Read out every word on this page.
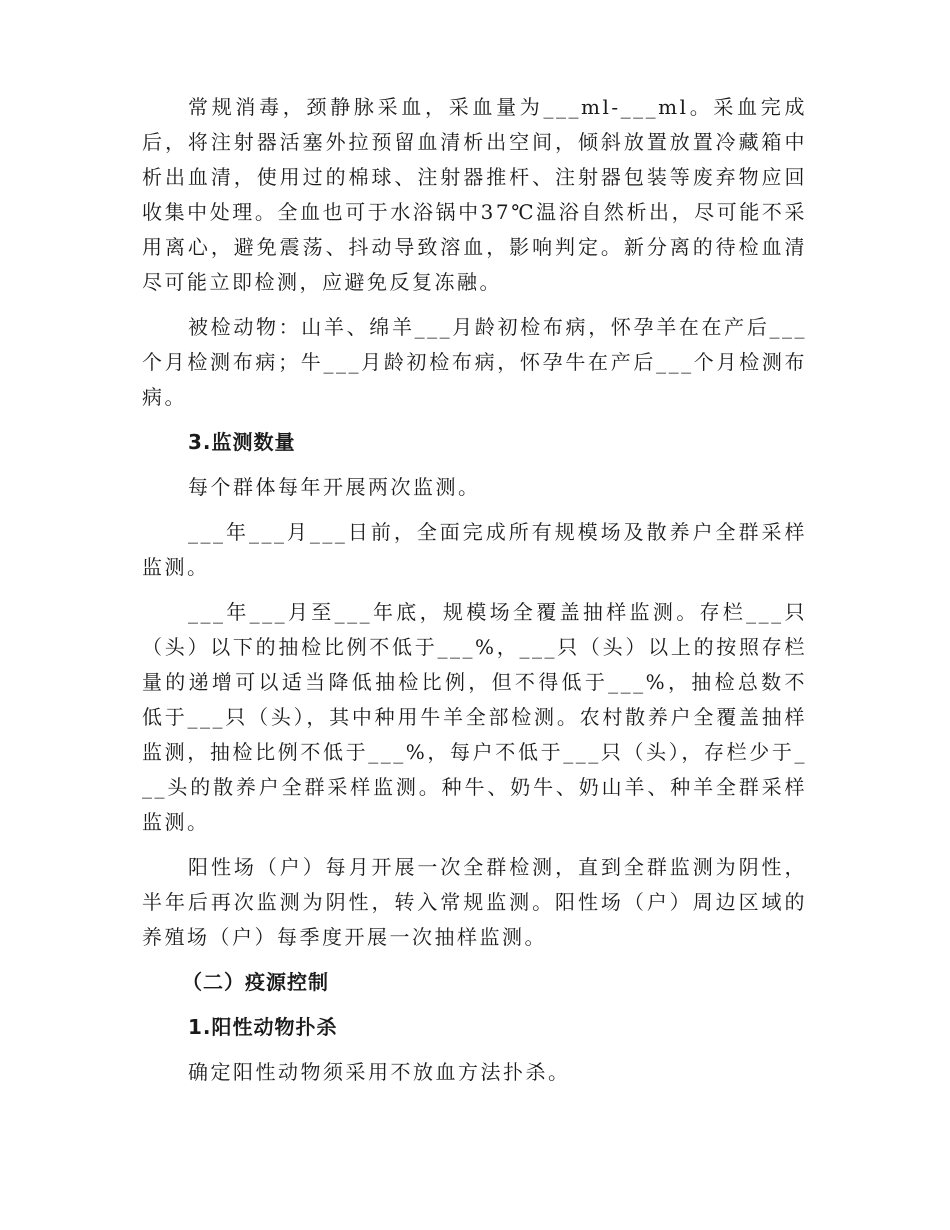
常规消毒，颈静脉采血，采血量为___ml-___ml。采血完成后，将注射器活塞外拉预留血清析出空间，倾斜放置放置冷藏箱中析出血清，使用过的棉球、注射器推杆、注射器包装等废弃物应回收集中处理。全血也可于水浴锅中37℃温浴自然析出，尽可能不采用离心，避免震荡、抖动导致溶血，影响判定。新分离的待检血清尽可能立即检测，应避免反复冻融。

被检动物：山羊、绵羊___月龄初检布病，怀孕羊在在产后___个月检测布病；牛___月龄初检布病，怀孕牛在产后___个月检测布病。

3.监测数量

每个群体每年开展两次监测。

___年___月___日前，全面完成所有规模场及散养户全群采样监测。

___年___月至___年底，规模场全覆盖抽样监测。存栏___只（头）以下的抽检比例不低于___%，___只（头）以上的按照存栏量的递增可以适当降低抽检比例，但不得低于___%，抽检总数不低于___只（头），其中种用牛羊全部检测。农村散养户全覆盖抽样监测，抽检比例不低于___%，每户不低于___只（头），存栏少于___头的散养户全群采样监测。种牛、奶牛、奶山羊、种羊全群采样监测。

阳性场（户）每月开展一次全群检测，直到全群监测为阴性，半年后再次监测为阴性，转入常规监测。阳性场（户）周边区域的养殖场（户）每季度开展一次抽样监测。

（二）疫源控制

1.阳性动物扑杀

确定阳性动物须采用不放血方法扑杀。
